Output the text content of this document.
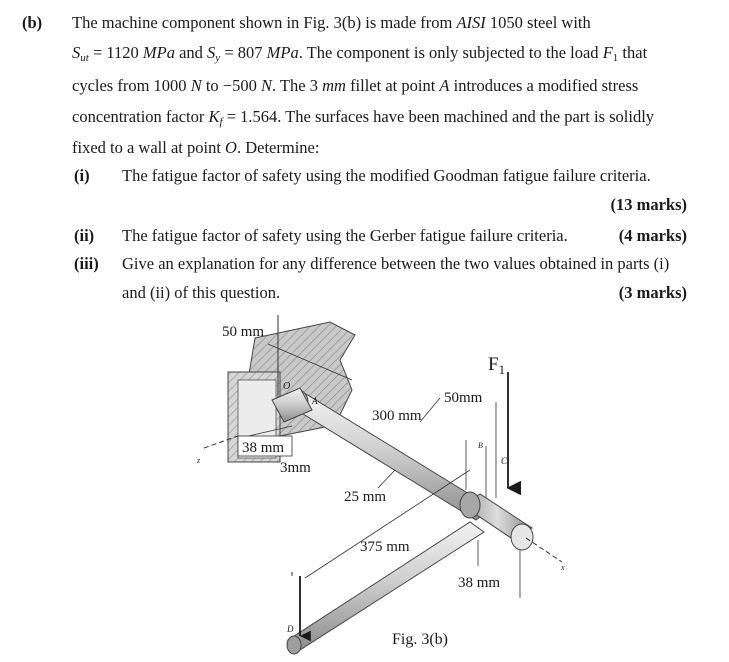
(b) The machine component shown in Fig. 3(b) is made from AISI 1050 steel with
$S_{ut} = 1120$ MPa and $S_y = 807$ MPa. The component is only subjected to the load $F_1$ that
cycles from 1000 N to −500 N. The 3 mm fillet at point A introduces a modified stress
concentration factor $K_f = 1.564$. The surfaces have been machined and the part is solidly
fixed to a wall at point O. Determine:
(i) The fatigue factor of safety using the modified Goodman fatigue failure criteria.
(13 marks)
(ii) The fatigue factor of safety using the Gerber fatigue failure criteria.	(4 marks)
(iii) Give an explanation for any difference between the two values obtained in parts (i)
and (ii) of this question.	(3 marks)
50 mm
38 mm
3mm
300 mm
25 mm
375 mm
50mm
38 mm
$F_1$
O
A
B
C
D
x
z
Fig. 3(b)
